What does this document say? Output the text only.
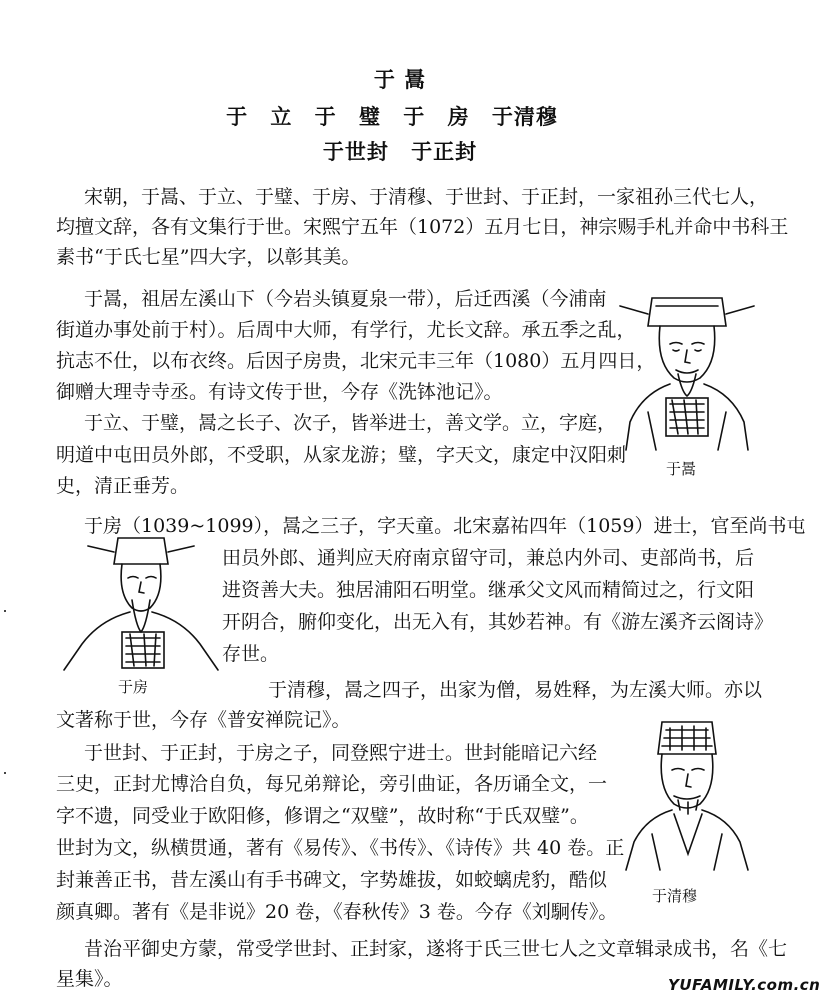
于 暠
于 立 于 璧 于 房 于清穆
于世封 于正封
宋朝，于暠、于立、于璧、于房、于清穆、于世封、于正封，一家祖孙三代七人，
均擅文辞，各有文集行于世。宋熙宁五年（1072）五月七日，神宗赐手札并命中书科王
素书“于氏七星”四大字，以彰其美。
于暠，祖居左溪山下（今岩头镇夏泉一带），后迁西溪（今浦南
街道办事处前于村）。后周中大师，有学行，尤长文辞。承五季之乱，
抗志不仕，以布衣终。后因子房贵，北宋元丰三年（1080）五月四日，
御赠大理寺寺丞。有诗文传于世，今存《洗钵池记》。
于立、于璧，暠之长子、次子，皆举进士，善文学。立，字庭，
明道中屯田员外郎，不受职，从家龙游；璧，字天文，康定中汉阳刺
史，清正垂芳。
于房（1039~1099），暠之三子，字天童。北宋嘉祐四年（1059）进士，官至尚书屯
田员外郎、通判应天府南京留守司，兼总内外司、吏部尚书，后
进资善大夫。独居浦阳石明堂。继承父文风而精简过之，行文阳
开阴合，腑仰变化，出无入有，其妙若神。有《游左溪齐云阁诗》
存世。
于清穆，暠之四子，出家为僧，易姓释，为左溪大师。亦以
文著称于世，今存《普安禅院记》。
于世封、于正封，于房之子，同登熙宁进士。世封能暗记六经
三史，正封尤博洽自负，每兄弟辩论，旁引曲证，各历诵全文，一
字不遗，同受业于欧阳修，修谓之“双璧”，故时称“于氏双璧”。
世封为文，纵横贯通，著有《易传》、《书传》、《诗传》共 40 卷。正
封兼善正书，昔左溪山有手书碑文，字势雄拔，如蛟螭虎豹，酷似
颜真卿。著有《是非说》20 卷，《春秋传》3 卷。今存《刘駉传》。
昔治平御史方蒙，常受学世封、正封家，遂将于氏三世七人之文章辑录成书，名《七
星集》。
于暠
于房
于清穆
YUFAMILY.com.cn
